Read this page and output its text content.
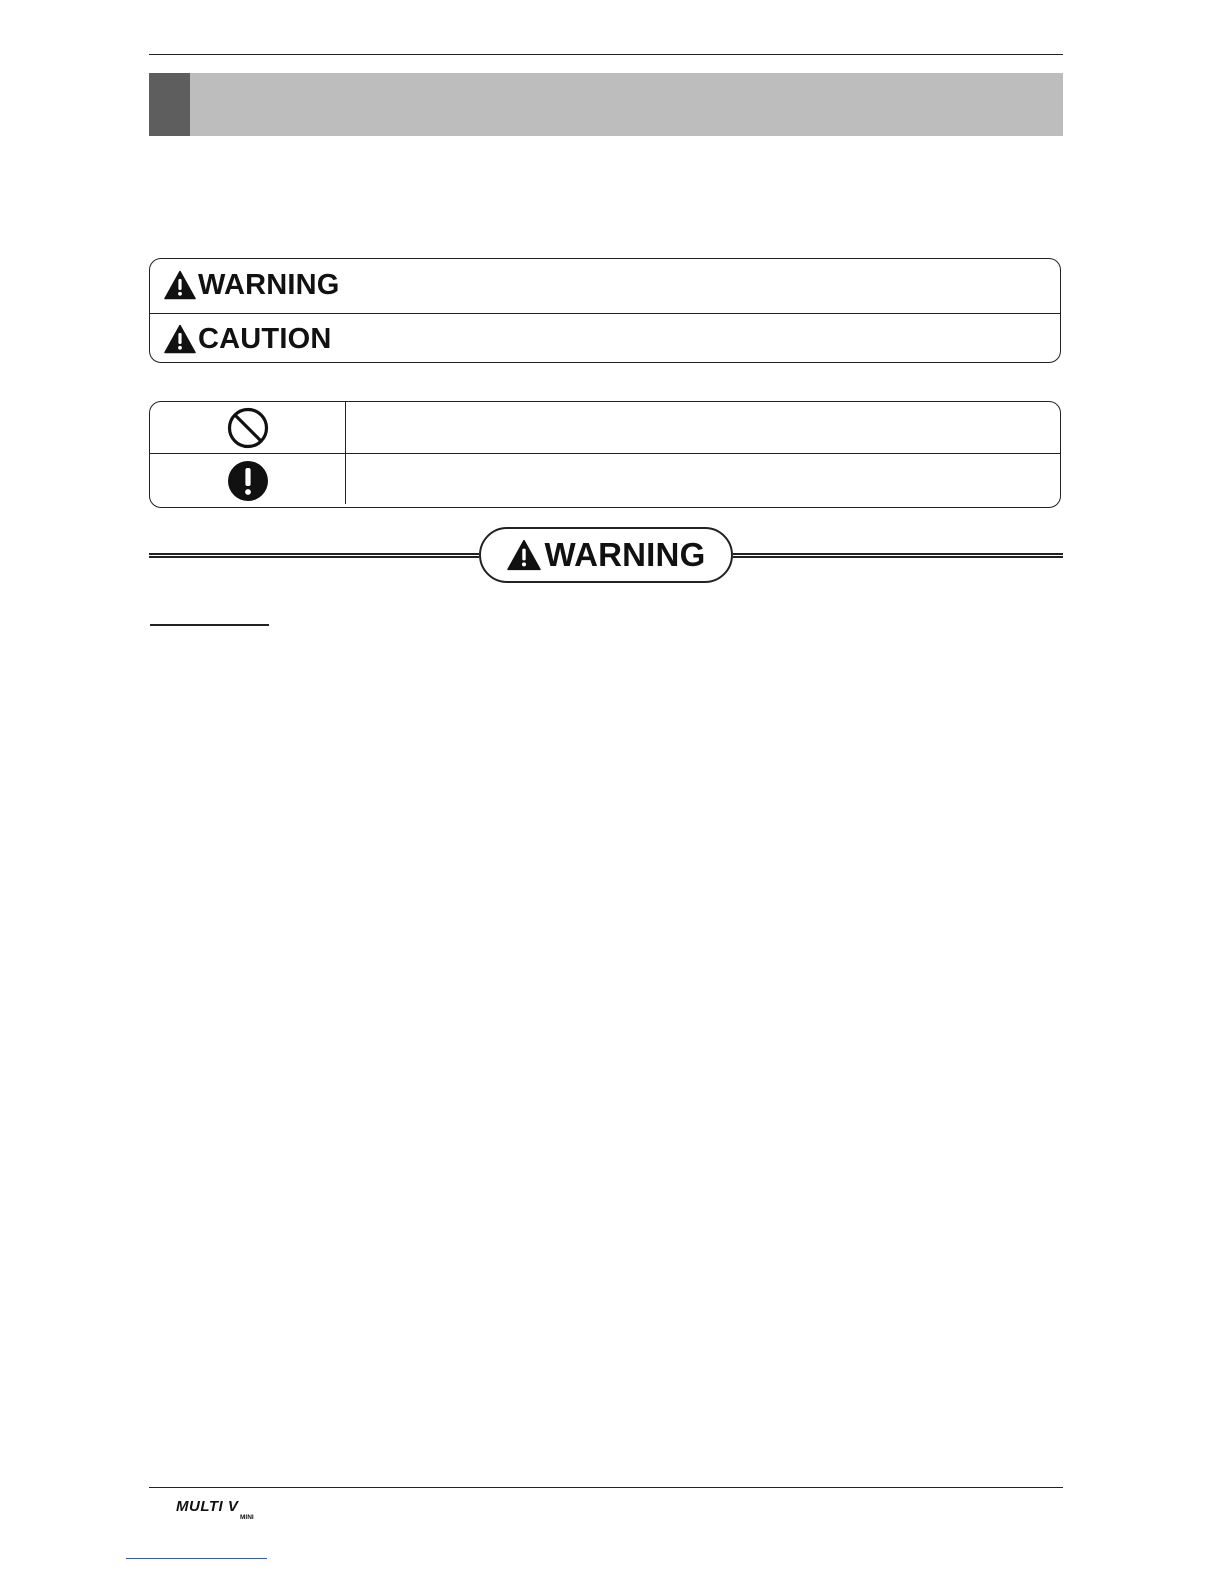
WARNING
CAUTION
WARNING
MULTI V
MINI
